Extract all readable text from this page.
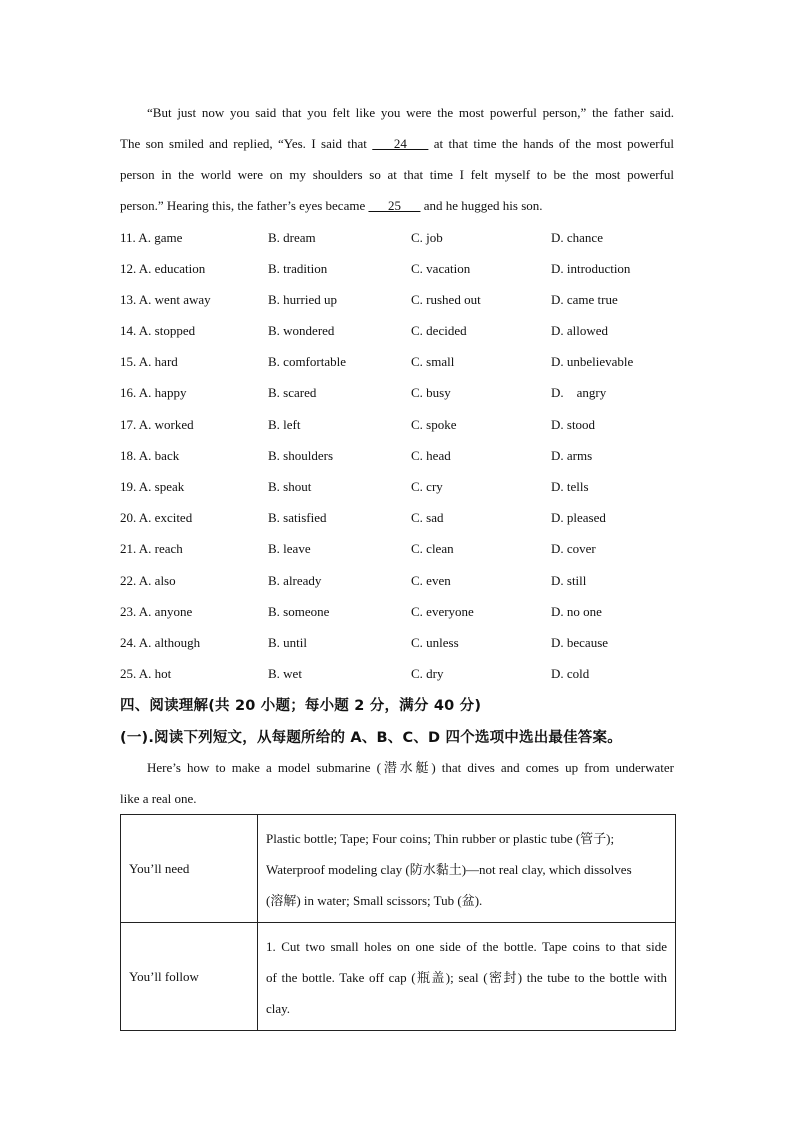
“But just now you said that you felt like you were the most powerful person,” the father said.
The son smiled and replied, “Yes. I said that     24     at that time the hands of the most powerful
person in the world were on my shoulders so at that time I felt myself to be the most powerful
person.” Hearing this, the father’s eyes became       25       and he hugged his son.
11. A. game	B. dream	C. job	D. chance
12. A. education	B. tradition	C. vacation	D. introduction
13. A. went away	B. hurried up	C. rushed out	D. came true
14. A. stopped	B. wondered	C. decided	D. allowed
15. A. hard	B. comfortable	C. small	D. unbelievable
16. A. happy	B. scared	C. busy	D.    angry
17. A. worked	B. left	C. spoke	D. stood
18. A. back	B. shoulders	C. head	D. arms
19. A. speak	B. shout	C. cry	D. tells
20. A. excited	B. satisfied	C. sad	D. pleased
21. A. reach	B. leave	C. clean	D. cover
22. A. also	B. already	C. even	D. still
23. A. anyone	B. someone	C. everyone	D. no one
24. A. although	B. until	C. unless	D. because
25. A. hot	B. wet	C. dry	D. cold
四、阅读理解(共 20 小题；每小题 2 分，满分 40 分)
(一).阅读下列短文，从每题所给的 A、B、C、D 四个选项中选出最佳答案。
Here’s how to make a model submarine (潜水艇) that dives and comes up from underwater
like a real one.
You’ll need	Plastic bottle; Tape; Four coins; Thin rubber or plastic tube (管子);
Waterproof modeling clay (防水黏土)—not real clay, which dissolves
(溶解) in water; Small scissors; Tub (盆).

You’ll follow	1. Cut two small holes on one side of the bottle. Tape coins to that side
of the bottle. Take off cap (瓶盖); seal (密封) the tube to the bottle with
clay.
